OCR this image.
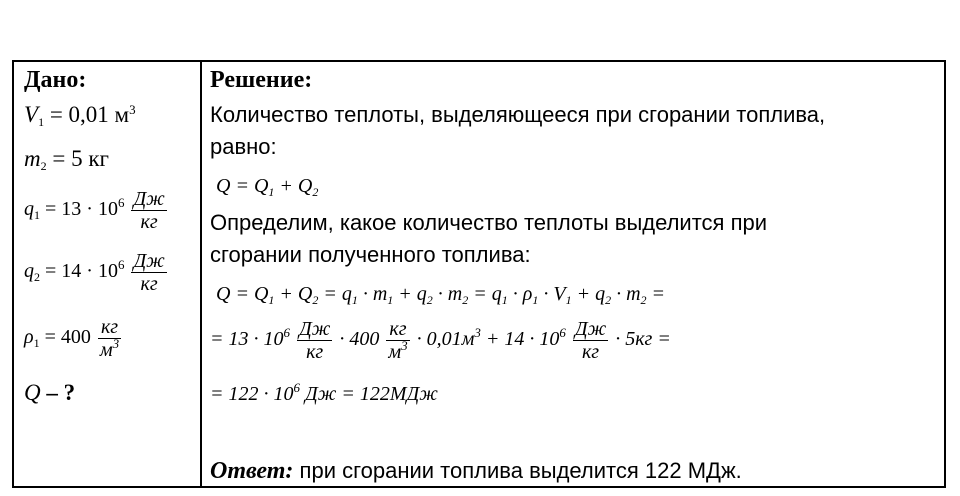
Дано:
$V_1 = 0,01$ $м^3$
$m_2 = 5$ кг
$q_1 = 13 \cdot 10^6 \frac{Дж}{кг}$
$q_2 = 14 \cdot 10^6 \frac{Дж}{кг}$
$\rho_1 = 400 \frac{кг}{м^3}$
Q – ?
Решение:
Количество теплоты, выделяющееся при сгорании топлива,
равно:
$Q = Q_1 + Q_2$
Определим, какое количество теплоты выделится при
сгорании полученного топлива:
$Q = Q_1 + Q_2 = q_1 \cdot m_1 + q_2 \cdot m_2 = q_1 \cdot \rho_1 \cdot V_1 + q_2 \cdot m_2$ =
= $13 \cdot 10^6 \frac{Дж}{кг} \cdot 400 \frac{кг}{м^3} \cdot 0,01м^3 + 14 \cdot 10^6 \frac{Дж}{кг} \cdot 5кг$ =
= $122 \cdot 10^6$ Дж = 122МДж
Ответ: при сгорании топлива выделится 122 МДж.
